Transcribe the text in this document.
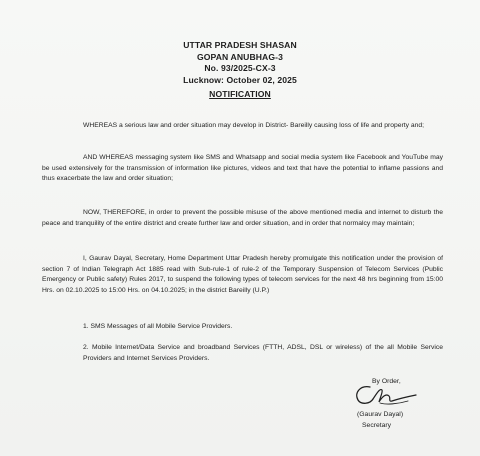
UTTAR PRADESH SHASAN
GOPAN ANUBHAG-3
No. 93/2025-CX-3
Lucknow: October 02, 2025
NOTIFICATION
WHEREAS a serious law and order situation may develop in District- Bareilly causing loss of life and property and;
AND WHEREAS messaging system like SMS and Whatsapp and social media system like Facebook and YouTube may be used extensively for the transmission of information like pictures, videos and text that have the potential to inflame passions and thus exacerbate the law and order situation;
NOW, THEREFORE, in order to prevent the possible misuse of the above mentioned media and internet to disturb the peace and tranquility of the entire district and create further law and order situation, and in order that normalcy may maintain;
I, Gaurav Dayal, Secretary, Home Department Uttar Pradesh hereby promulgate this notification under the provision of section 7 of Indian Telegraph Act 1885 read with Sub-rule-1 of rule-2 of the Temporary Suspension of Telecom Services (Public Emergency or Public safety) Rules 2017, to suspend the following types of telecom services for the next 48 hrs beginning from 15:00 Hrs. on 02.10.2025 to 15:00 Hrs. on 04.10.2025; in the district Bareilly (U.P.)
1. SMS Messages of all Mobile Service Providers.
2. Mobile Internet/Data Service and broadband Services (FTTH, ADSL, DSL or wireless) of the all Mobile Service Providers and Internet Services Providers.
By Order,
(Gaurav Dayal)
Secretary
